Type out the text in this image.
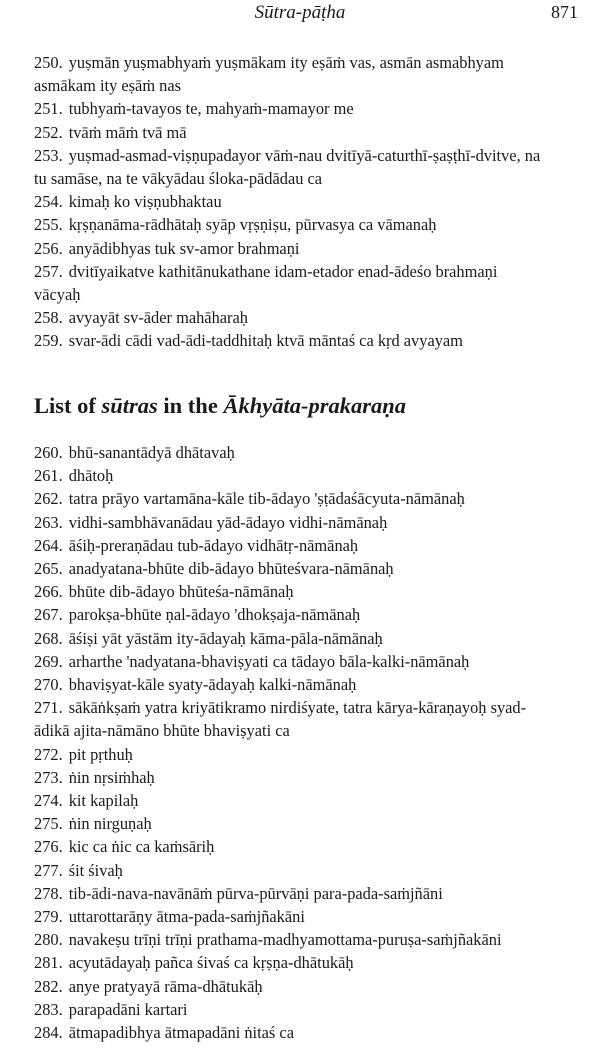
Sūtra-pāṭha	871

250. yuṣmān yuṣmabhyaṁ yuṣmākam ity eṣāṁ vas, asmān asmabhyam

asmākam ity eṣāṁ nas

251. tubhyaṁ-tavayos te, mahyaṁ-mamayor me

252. tvāṁ māṁ tvā mā

253. yuṣmad-asmad-viṣṇupadayor vāṁ-nau dvitīyā-caturthī-ṣaṣṭhī-dvitve, na

tu samāse, na te vākyādau śloka-pādādau ca

254. kimaḥ ko viṣṇubhaktau

255. kṛṣṇanāma-rādhātaḥ syāp vṛṣṇiṣu, pūrvasya ca vāmanaḥ

256. anyādibhyas tuk sv-amor brahmaṇi

257. dvitīyaikatve kathitānukathane idam-etador enad-ādeśo brahmaṇi

vācyaḥ

258. avyayāt sv-āder mahāharaḥ

259. svar-ādi cādi vad-ādi-taddhitaḥ ktvā māntaś ca kṛd avyayam

List of sūtras in the Ākhyāta-prakaraṇa

260. bhū-sanantādyā dhātavaḥ

261. dhātoḥ

262. tatra prāyo vartamāna-kāle tib-ādayo 'ṣṭādaśācyuta-nāmānaḥ

263. vidhi-sambhāvanādau yād-ādayo vidhi-nāmānaḥ

264. āśiḥ-preraṇādau tub-ādayo vidhātṛ-nāmānaḥ

265. anadyatana-bhūte dib-ādayo bhūteśvara-nāmānaḥ

266. bhūte dib-ādayo bhūteśa-nāmānaḥ

267. parokṣa-bhūte ṇal-ādayo 'dhokṣaja-nāmānaḥ

268. āśiṣi yāt yāstām ity-ādayaḥ kāma-pāla-nāmānaḥ

269. arharthe 'nadyatana-bhaviṣyati ca tādayo bāla-kalki-nāmānaḥ

270. bhaviṣyat-kāle syaty-ādayaḥ kalki-nāmānaḥ

271. sākāṅkṣaṁ yatra kriyātikramo nirdiśyate, tatra kārya-kāraṇayoḥ syad-

ādikā ajita-nāmāno bhūte bhaviṣyati ca

272. pit pṛthuḥ

273. ṅin nṛsiṁhaḥ

274. kit kapilaḥ

275. ṅin nirguṇaḥ

276. kic ca ṅic ca kaṁsāriḥ

277. śit śivaḥ

278. tib-ādi-nava-navānāṁ pūrva-pūrvāṇi para-pada-saṁjñāni

279. uttarottarāṇy ātma-pada-saṁjñakāni

280. navakeṣu trīṇi trīṇi prathama-madhyamottama-puruṣa-saṁjñakāni

281. acyutādayaḥ pañca śivaś ca kṛṣṇa-dhātukāḥ

282. anye pratyayā rāma-dhātukāḥ

283. parapadāni kartari

284. ātmapadibhya ātmapadāni ṅitaś ca
